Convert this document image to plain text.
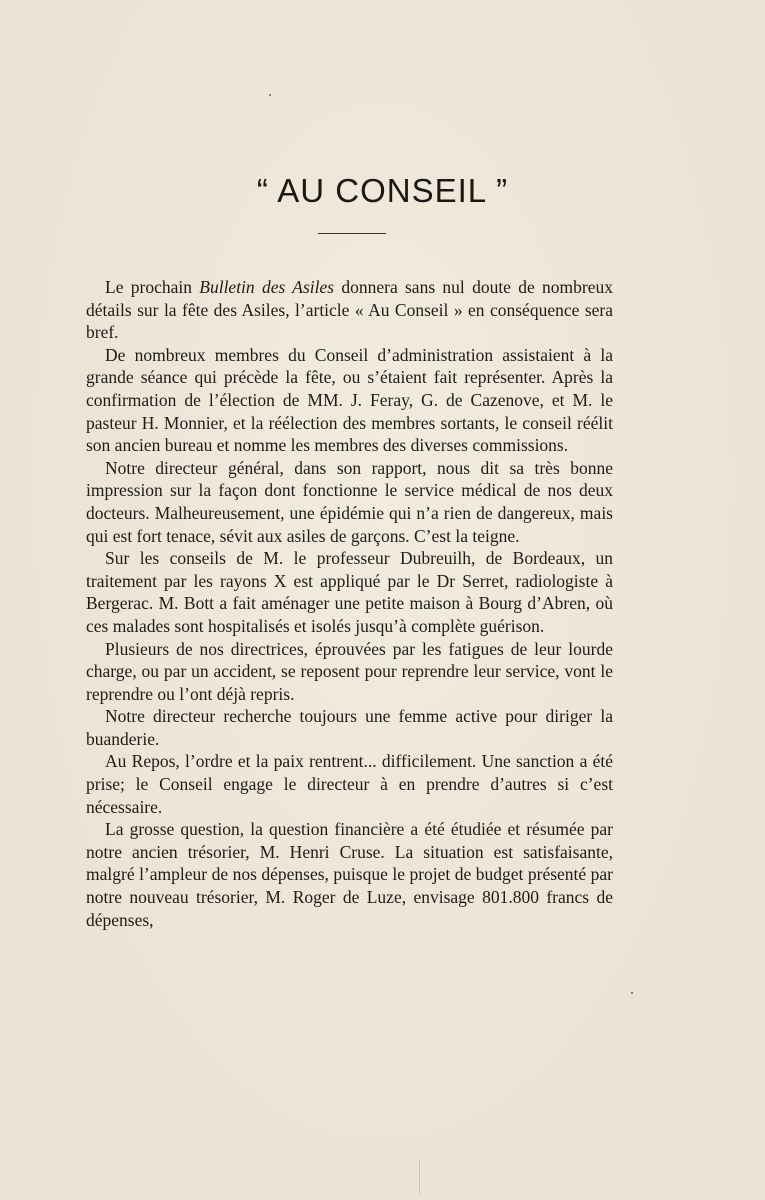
“ AU CONSEIL ”

Le prochain Bulletin des Asiles donnera sans nul doute de nombreux détails sur la fête des Asiles, l’article « Au Conseil » en conséquence sera bref.

De nombreux membres du Conseil d’administration assistaient à la grande séance qui précède la fête, ou s’étaient fait représenter. Après la confirmation de l’élection de MM. J. Feray, G. de Cazenove, et M. le pasteur H. Monnier, et la réélection des membres sortants, le conseil réélit son ancien bureau et nomme les membres des diverses commissions.

Notre directeur général, dans son rapport, nous dit sa très bonne impression sur la façon dont fonctionne le service médical de nos deux docteurs. Malheureusement, une épidémie qui n’a rien de dangereux, mais qui est fort tenace, sévit aux asiles de garçons. C’est la teigne.

Sur les conseils de M. le professeur Dubreuilh, de Bordeaux, un traitement par les rayons X est appliqué par le Dr Serret, radiologiste à Bergerac. M. Bott a fait aménager une petite maison à Bourg d’Abren, où ces malades sont hospitalisés et isolés jusqu’à complète guérison.

Plusieurs de nos directrices, éprouvées par les fatigues de leur lourde charge, ou par un accident, se reposent pour reprendre leur service, vont le reprendre ou l’ont déjà repris.

Notre directeur recherche toujours une femme active pour diriger la buanderie.

Au Repos, l’ordre et la paix rentrent... difficilement. Une sanction a été prise; le Conseil engage le directeur à en prendre d’autres si c’est nécessaire.

La grosse question, la question financière a été étudiée et résumée par notre ancien trésorier, M. Henri Cruse. La situation est satisfaisante, malgré l’ampleur de nos dépenses, puisque le projet de budget présenté par notre nouveau trésorier, M. Roger de Luze, envisage 801.800 francs de dépenses,
